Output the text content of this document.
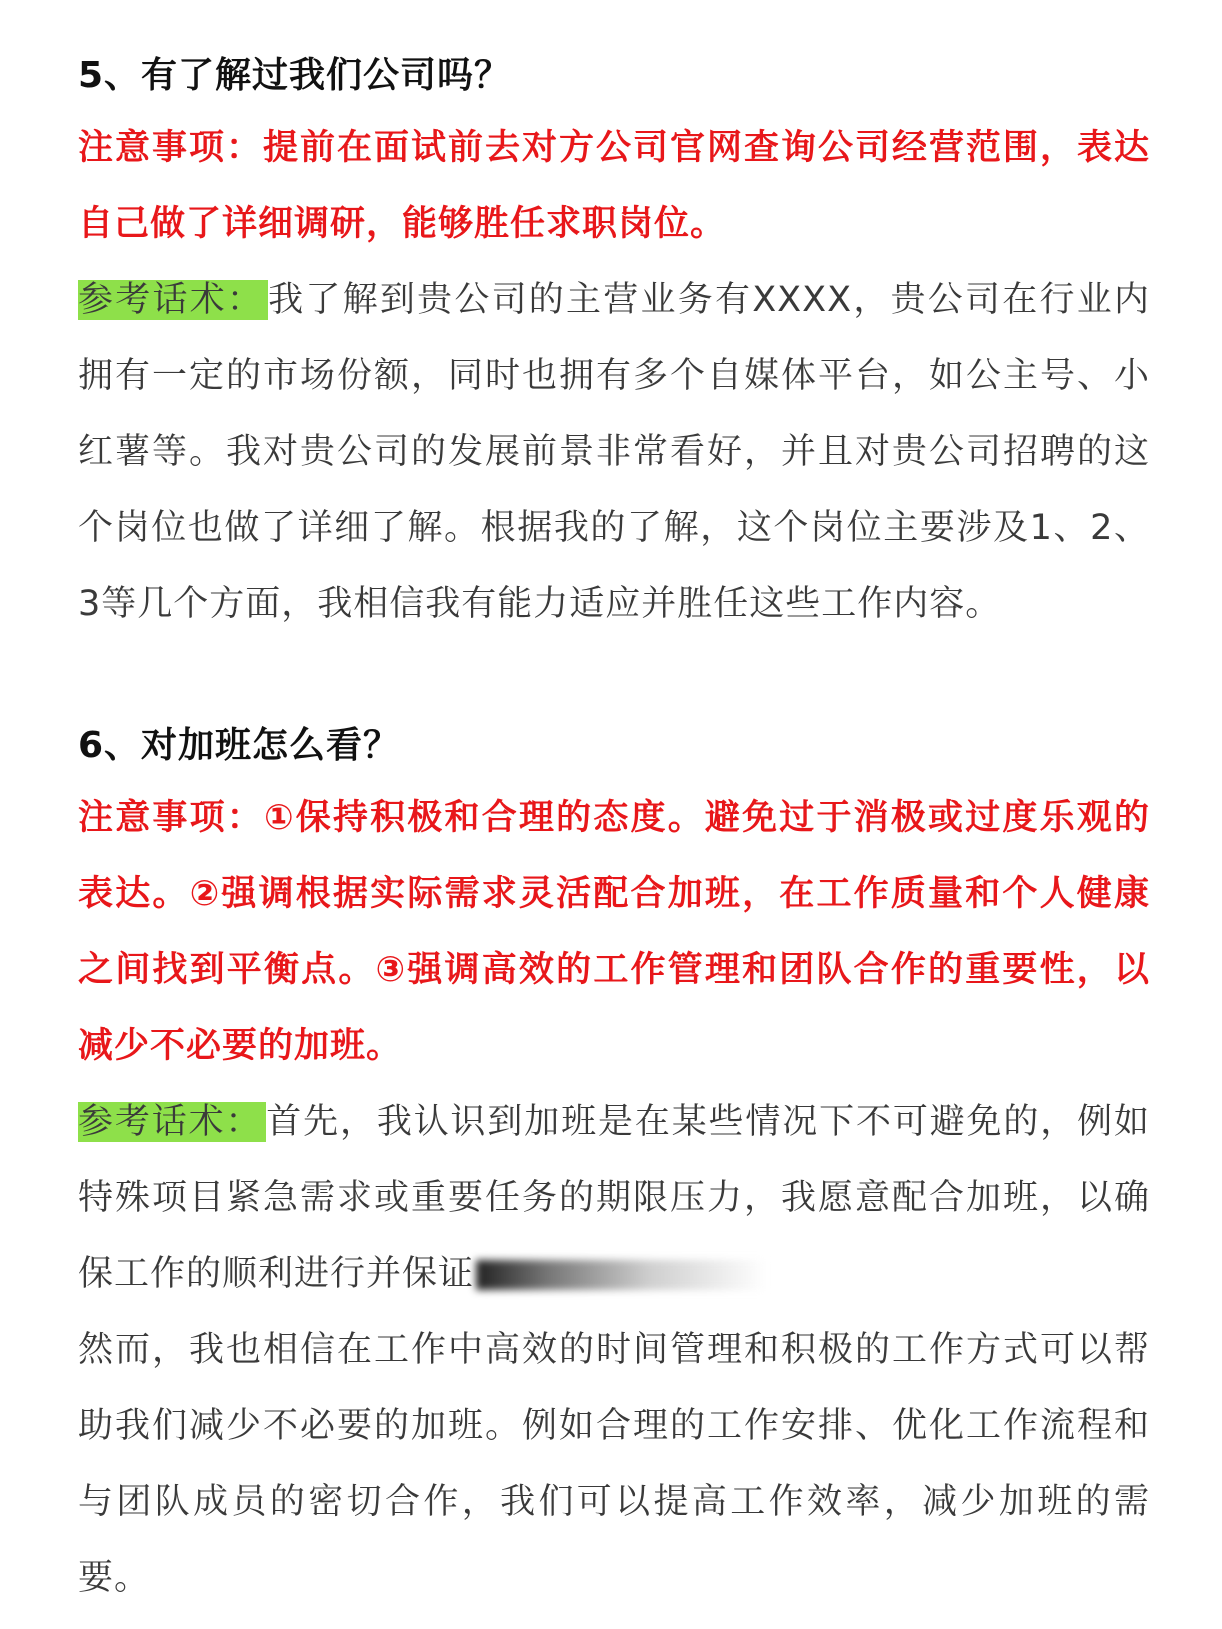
5、有了解过我们公司吗？

注意事项：提前在面试前去对方公司官网查询公司经营范围，表达自己做了详细调研，能够胜任求职岗位。

参考话术： 我了解到贵公司的主营业务有XXXX，贵公司在行业内拥有一定的市场份额，同时也拥有多个自媒体平台，如公主号、小红薯等。我对贵公司的发展前景非常看好，并且对贵公司招聘的这个岗位也做了详细了解。根据我的了解，这个岗位主要涉及1、2、3等几个方面，我相信我有能力适应并胜任这些工作内容。

6、对加班怎么看？

注意事项：①保持积极和合理的态度。避免过于消极或过度乐观的表达。②强调根据实际需求灵活配合加班，在工作质量和个人健康之间找到平衡点。③强调高效的工作管理和团队合作的重要性，以减少不必要的加班。

参考话术： 首先，我认识到加班是在某些情况下不可避免的，例如特殊项目紧急需求或重要任务的期限压力，我愿意配合加班，以确保工作的顺利进行并保证

然而，我也相信在工作中高效的时间管理和积极的工作方式可以帮助我们减少不必要的加班。例如合理的工作安排、优化工作流程和与团队成员的密切合作，我们可以提高工作效率，减少加班的需要。
